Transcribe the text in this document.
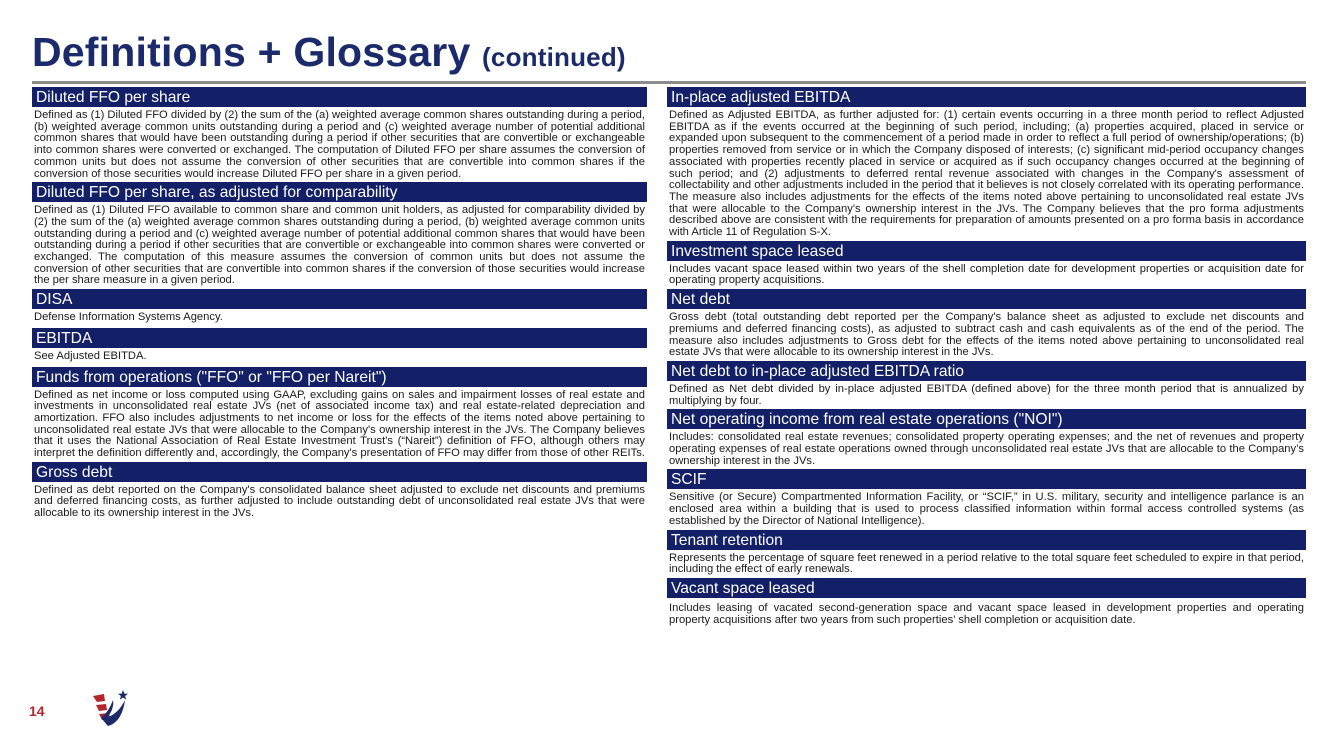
Definitions + Glossary (continued)
Diluted FFO per share

Defined as (1) Diluted FFO divided by (2) the sum of the (a) weighted average common shares outstanding during a period, (b) weighted average common units outstanding during a period and (c) weighted average number of potential additional common shares that would have been outstanding during a period if other securities that are convertible or exchangeable into common shares were converted or exchanged. The computation of Diluted FFO per share assumes the conversion of common units but does not assume the conversion of other securities that are convertible into common shares if the conversion of those securities would increase Diluted FFO per share in a given period.

Diluted FFO per share, as adjusted for comparability

Defined as (1) Diluted FFO available to common share and common unit holders, as adjusted for comparability divided by (2) the sum of the (a) weighted average common shares outstanding during a period, (b) weighted average common units outstanding during a period and (c) weighted average number of potential additional common shares that would have been outstanding during a period if other securities that are convertible or exchangeable into common shares were converted or exchanged. The computation of this measure assumes the conversion of common units but does not assume the conversion of other securities that are convertible into common shares if the conversion of those securities would increase the per share measure in a given period.

DISA

Defense Information Systems Agency.

EBITDA

See Adjusted EBITDA.

Funds from operations ("FFO" or "FFO per Nareit")

Defined as net income or loss computed using GAAP, excluding gains on sales and impairment losses of real estate and investments in unconsolidated real estate JVs (net of associated income tax) and real estate-related depreciation and amortization. FFO also includes adjustments to net income or loss for the effects of the items noted above pertaining to unconsolidated real estate JVs that were allocable to the Company's ownership interest in the JVs. The Company believes that it uses the National Association of Real Estate Investment Trust's (“Nareit”) definition of FFO, although others may interpret the definition differently and, accordingly, the Company's presentation of FFO may differ from those of other REITs.

Gross debt

Defined as debt reported on the Company's consolidated balance sheet adjusted to exclude net discounts and premiums and deferred financing costs, as further adjusted to include outstanding debt of unconsolidated real estate JVs that were allocable to its ownership interest in the JVs.

In-place adjusted EBITDA

Defined as Adjusted EBITDA, as further adjusted for: (1) certain events occurring in a three month period to reflect Adjusted EBITDA as if the events occurred at the beginning of such period, including; (a) properties acquired, placed in service or expanded upon subsequent to the commencement of a period made in order to reflect a full period of ownership/operations; (b) properties removed from service or in which the Company disposed of interests; (c) significant mid-period occupancy changes associated with properties recently placed in service or acquired as if such occupancy changes occurred at the beginning of such period; and (2) adjustments to deferred rental revenue associated with changes in the Company's assessment of collectability and other adjustments included in the period that it believes is not closely correlated with its operating performance. The measure also includes adjustments for the effects of the items noted above pertaining to unconsolidated real estate JVs that were allocable to the Company's ownership interest in the JVs. The Company believes that the pro forma adjustments described above are consistent with the requirements for preparation of amounts presented on a pro forma basis in accordance with Article 11 of Regulation S-X.

Investment space leased

Includes vacant space leased within two years of the shell completion date for development properties or acquisition date for operating property acquisitions.

Net debt

Gross debt (total outstanding debt reported per the Company's balance sheet as adjusted to exclude net discounts and premiums and deferred financing costs), as adjusted to subtract cash and cash equivalents as of the end of the period. The measure also includes adjustments to Gross debt for the effects of the items noted above pertaining to unconsolidated real estate JVs that were allocable to its ownership interest in the JVs.

Net debt to in-place adjusted EBITDA ratio

Defined as Net debt divided by in-place adjusted EBITDA (defined above) for the three month period that is annualized by multiplying by four.

Net operating income from real estate operations ("NOI")

Includes: consolidated real estate revenues; consolidated property operating expenses; and the net of revenues and property operating expenses of real estate operations owned through unconsolidated real estate JVs that are allocable to the Company’s ownership interest in the JVs.

SCIF

Sensitive (or Secure) Compartmented Information Facility, or “SCIF,” in U.S. military, security and intelligence parlance is an enclosed area within a building that is used to process classified information within formal access controlled systems (as established by the Director of National Intelligence).

Tenant retention

Represents the percentage of square feet renewed in a period relative to the total square feet scheduled to expire in that period, including the effect of early renewals.

Vacant space leased

Includes leasing of vacated second-generation space and vacant space leased in development properties and operating property acquisitions after two years from such properties’ shell completion or acquisition date.

14
